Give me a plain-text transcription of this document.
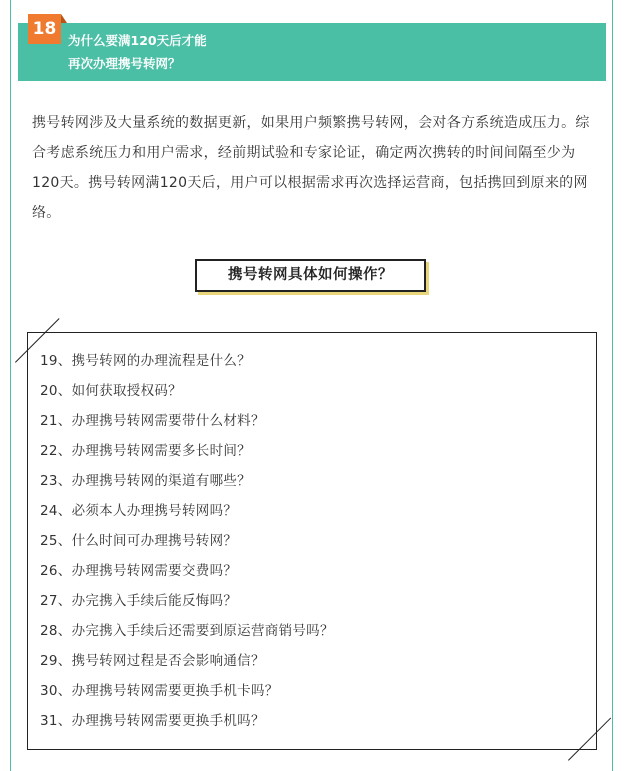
为什么要满120天后才能
再次办理携号转网？
18

携号转网涉及大量系统的数据更新，如果用户频繁携号转网，会对各方系统造成压力。综合考虑系统压力和用户需求，经前期试验和专家论证，确定两次携转的时间间隔至少为120天。携号转网满120天后，用户可以根据需求再次选择运营商，包括携回到原来的网络。

携号转网具体如何操作？
19、携号转网的办理流程是什么？
20、如何获取授权码？
21、办理携号转网需要带什么材料？
22、办理携号转网需要多长时间？
23、办理携号转网的渠道有哪些？
24、必须本人办理携号转网吗？
25、什么时间可办理携号转网？
26、办理携号转网需要交费吗？
27、办完携入手续后能反悔吗？
28、办完携入手续后还需要到原运营商销号吗？
29、携号转网过程是否会影响通信？
30、办理携号转网需要更换手机卡吗？
31、办理携号转网需要更换手机吗？
